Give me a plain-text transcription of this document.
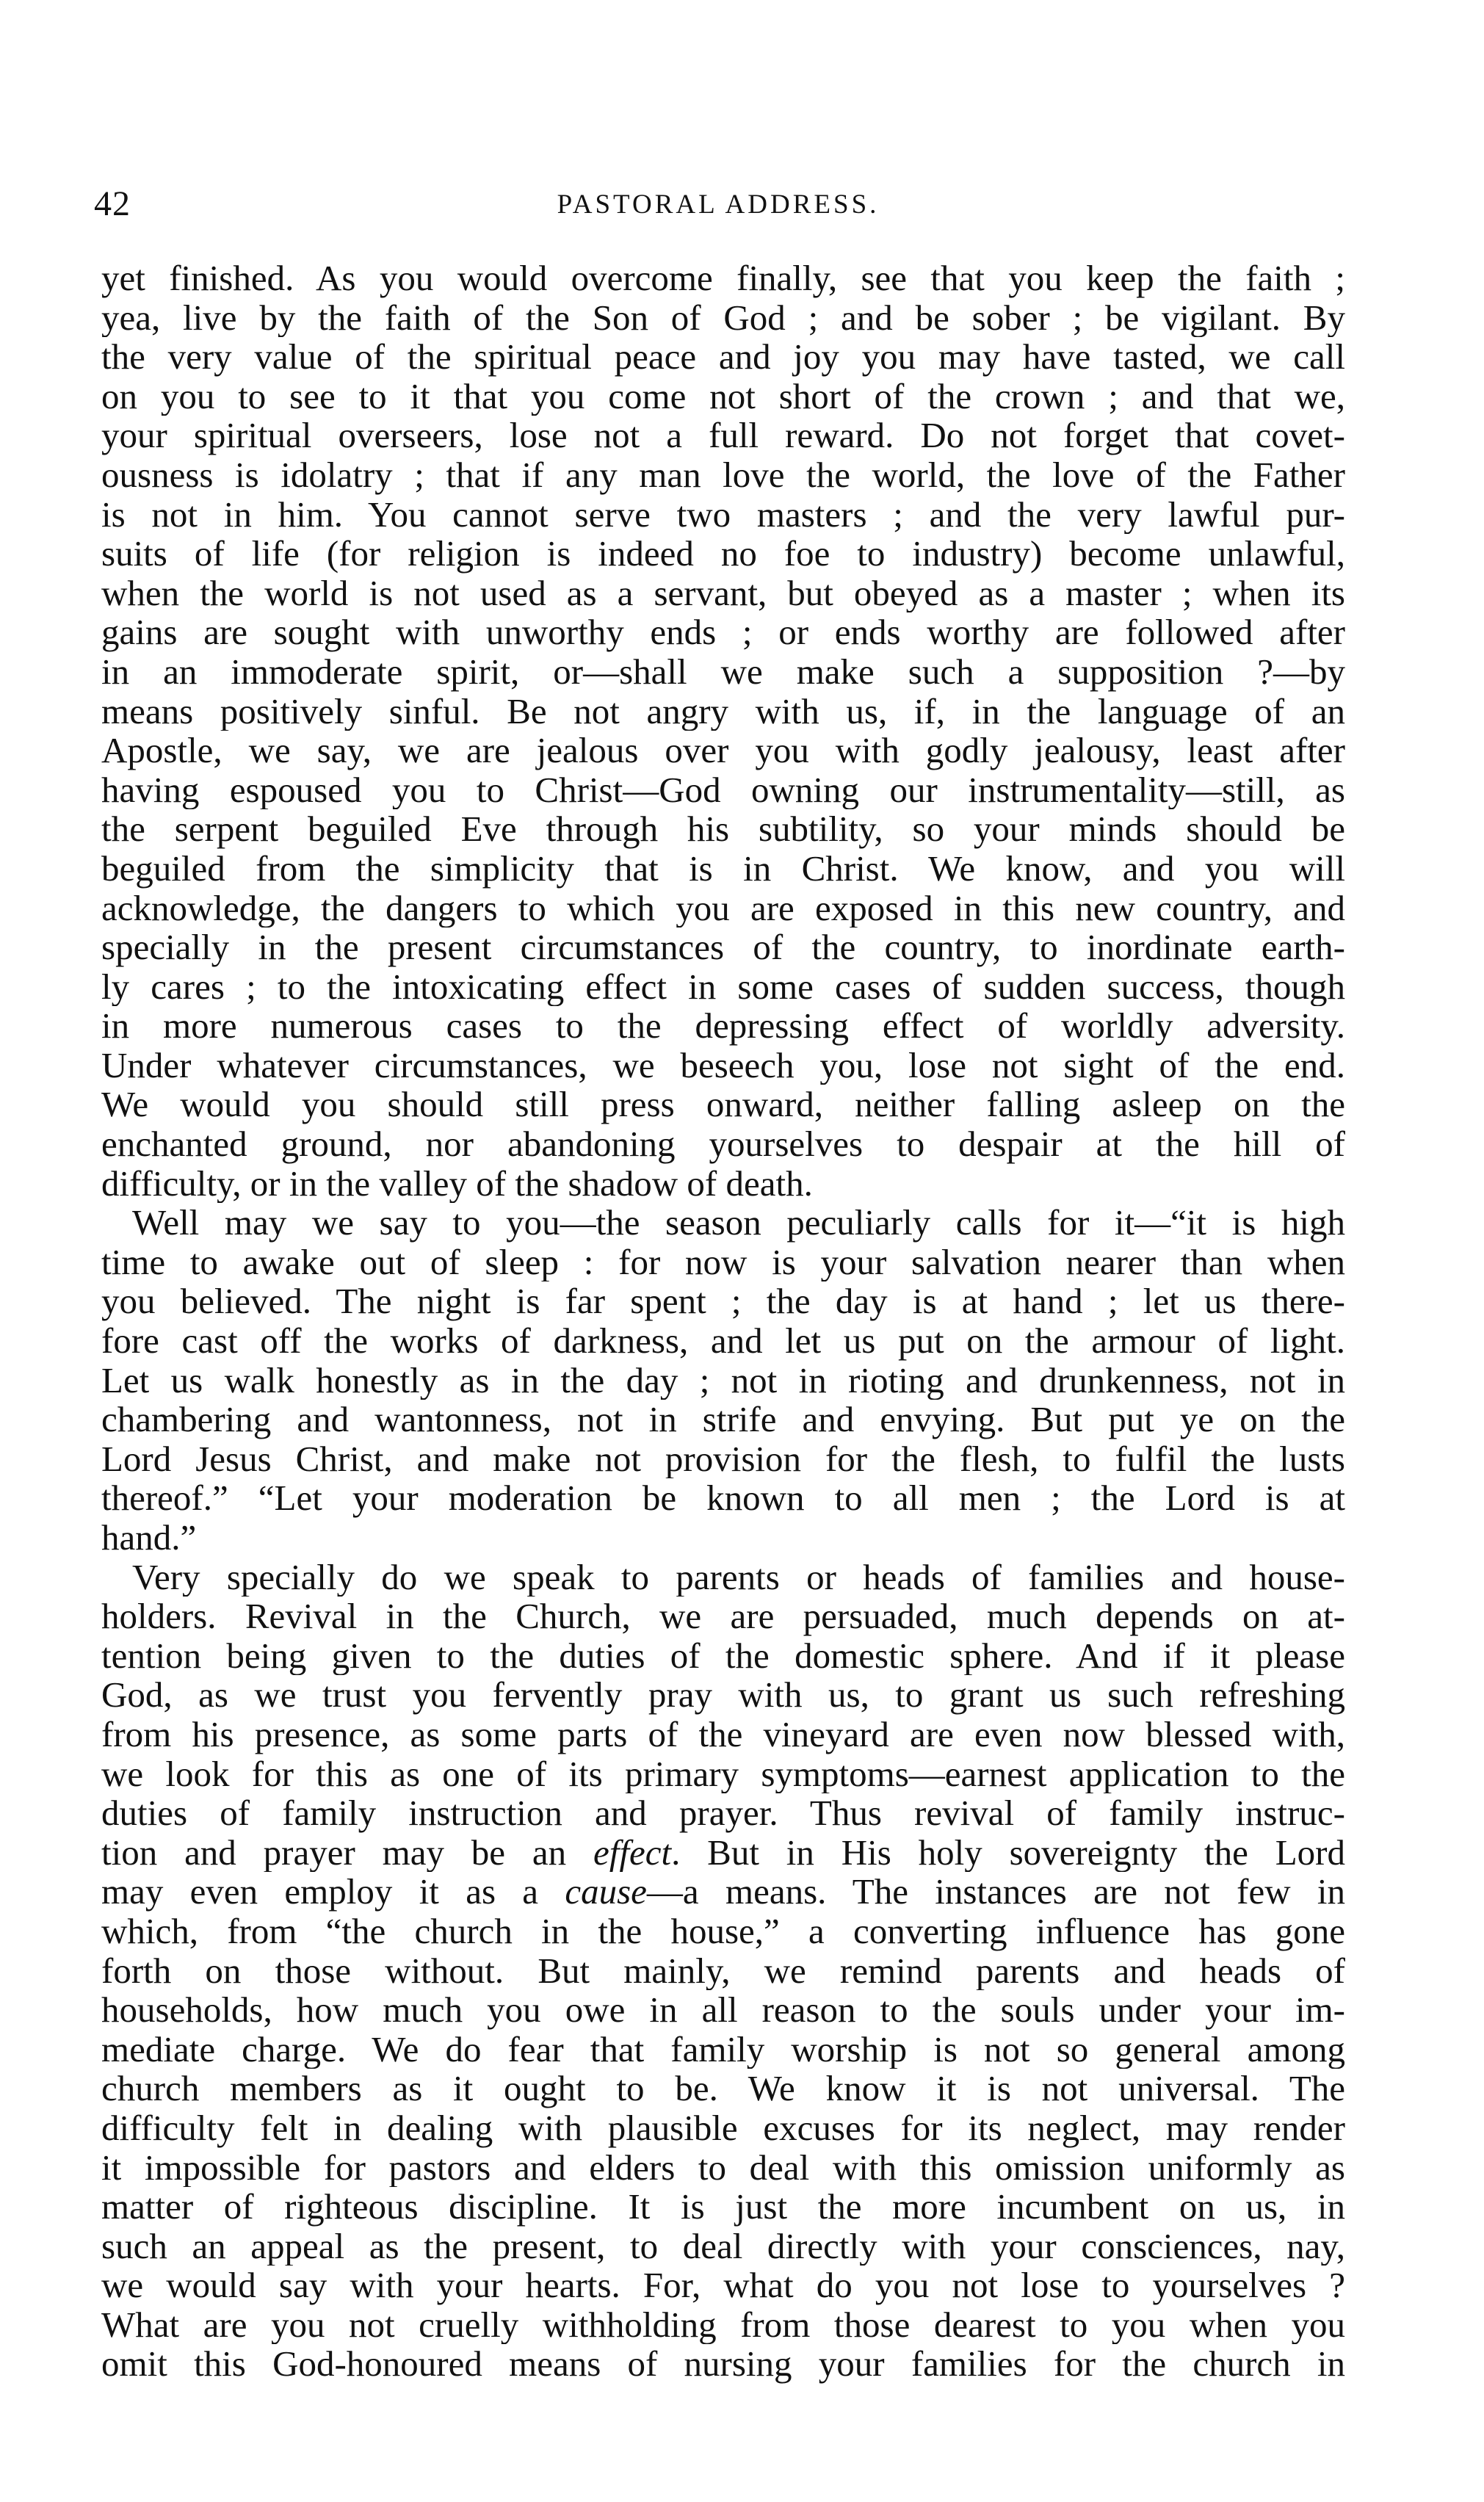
42	PASTORAL ADDRESS.
yet finished. As you would overcome finally, see that you keep the faith ;
yea, live by the faith of the Son of God ; and be sober ; be vigilant. By
the very value of the spiritual peace and joy you may have tasted, we call
on you to see to it that you come not short of the crown ; and that we,
your spiritual overseers, lose not a full reward. Do not forget that covet-
ousness is idolatry ; that if any man love the world, the love of the Father
is not in him. You cannot serve two masters ; and the very lawful pur-
suits of life (for religion is indeed no foe to industry) become unlawful,
when the world is not used as a servant, but obeyed as a master ; when its
gains are sought with unworthy ends ; or ends worthy are followed after
in an immoderate spirit, or—shall we make such a supposition ?—by
means positively sinful. Be not angry with us, if, in the language of an
Apostle, we say, we are jealous over you with godly jealousy, least after
having espoused you to Christ—God owning our instrumentality—still, as
the serpent beguiled Eve through his subtility, so your minds should be
beguiled from the simplicity that is in Christ. We know, and you will
acknowledge, the dangers to which you are exposed in this new country, and
specially in the present circumstances of the country, to inordinate earth-
ly cares ; to the intoxicating effect in some cases of sudden success, though
in more numerous cases to the depressing effect of worldly adversity.
Under whatever circumstances, we beseech you, lose not sight of the end.
We would you should still press onward, neither falling asleep on the
enchanted ground, nor abandoning yourselves to despair at the hill of
difficulty, or in the valley of the shadow of death.
Well may we say to you—the season peculiarly calls for it—“it is high
time to awake out of sleep : for now is your salvation nearer than when
you believed. The night is far spent ; the day is at hand ; let us there-
fore cast off the works of darkness, and let us put on the armour of light.
Let us walk honestly as in the day ; not in rioting and drunkenness, not in
chambering and wantonness, not in strife and envying. But put ye on the
Lord Jesus Christ, and make not provision for the flesh, to fulfil the lusts
thereof.” “Let your moderation be known to all men ; the Lord is at
hand.”
Very specially do we speak to parents or heads of families and house-
holders. Revival in the Church, we are persuaded, much depends on at-
tention being given to the duties of the domestic sphere. And if it please
God, as we trust you fervently pray with us, to grant us such refreshing
from his presence, as some parts of the vineyard are even now blessed with,
we look for this as one of its primary symptoms—earnest application to the
duties of family instruction and prayer. Thus revival of family instruc-
tion and prayer may be an effect. But in His holy sovereignty the Lord
may even employ it as a cause—a means. The instances are not few in
which, from “the church in the house,” a converting influence has gone
forth on those without. But mainly, we remind parents and heads of
households, how much you owe in all reason to the souls under your im-
mediate charge. We do fear that family worship is not so general among
church members as it ought to be. We know it is not universal. The
difficulty felt in dealing with plausible excuses for its neglect, may render
it impossible for pastors and elders to deal with this omission uniformly as
matter of righteous discipline. It is just the more incumbent on us, in
such an appeal as the present, to deal directly with your consciences, nay,
we would say with your hearts. For, what do you not lose to yourselves ?
What are you not cruelly withholding from those dearest to you when you
omit this God-honoured means of nursing your families for the church in
